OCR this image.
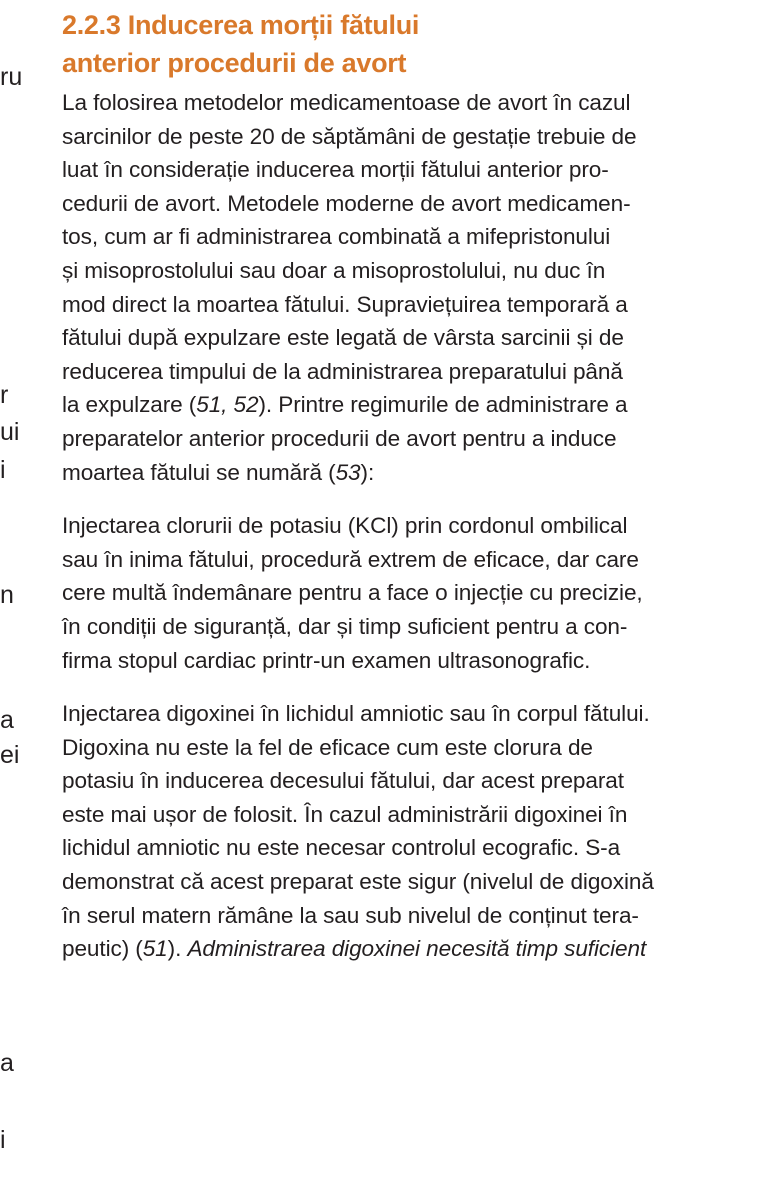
ru
r
ui
i
n
a
ei
a
i
2.2.3 Inducerea morții fătului
anterior procedurii de avort

La folosirea metodelor medicamentoase de avort în cazul
sarcinilor de peste 20 de săptămâni de gestație trebuie de
luat în considerație inducerea morții fătului anterior pro-
cedurii de avort. Metodele moderne de avort medicamen-
tos, cum ar fi administrarea combinată a mifepristonului
și misoprostolului sau doar a misoprostolului, nu duc în
mod direct la moartea fătului. Supraviețuirea temporară a
fătului după expulzare este legată de vârsta sarcinii și de
reducerea timpului de la administrarea preparatului până
la expulzare (51, 52). Printre regimurile de administrare a
preparatelor anterior procedurii de avort pentru a induce
moartea fătului se numără (53):

Injectarea clorurii de potasiu (KCl) prin cordonul ombilical
sau în inima fătului, procedură extrem de eficace, dar care
cere multă îndemânare pentru a face o injecție cu precizie,
în condiții de siguranță, dar și timp suficient pentru a con-
firma stopul cardiac printr-un examen ultrasonografic.

Injectarea digoxinei în lichidul amniotic sau în corpul fătului.
Digoxina nu este la fel de eficace cum este clorura de
potasiu în inducerea decesului fătului, dar acest preparat
este mai ușor de folosit. În cazul administrării digoxinei în
lichidul amniotic nu este necesar controlul ecografic. S-a
demonstrat că acest preparat este sigur (nivelul de digoxină
în serul matern rămâne la sau sub nivelul de conținut tera-
peutic) (51). Administrarea digoxinei necesită timp suficient
